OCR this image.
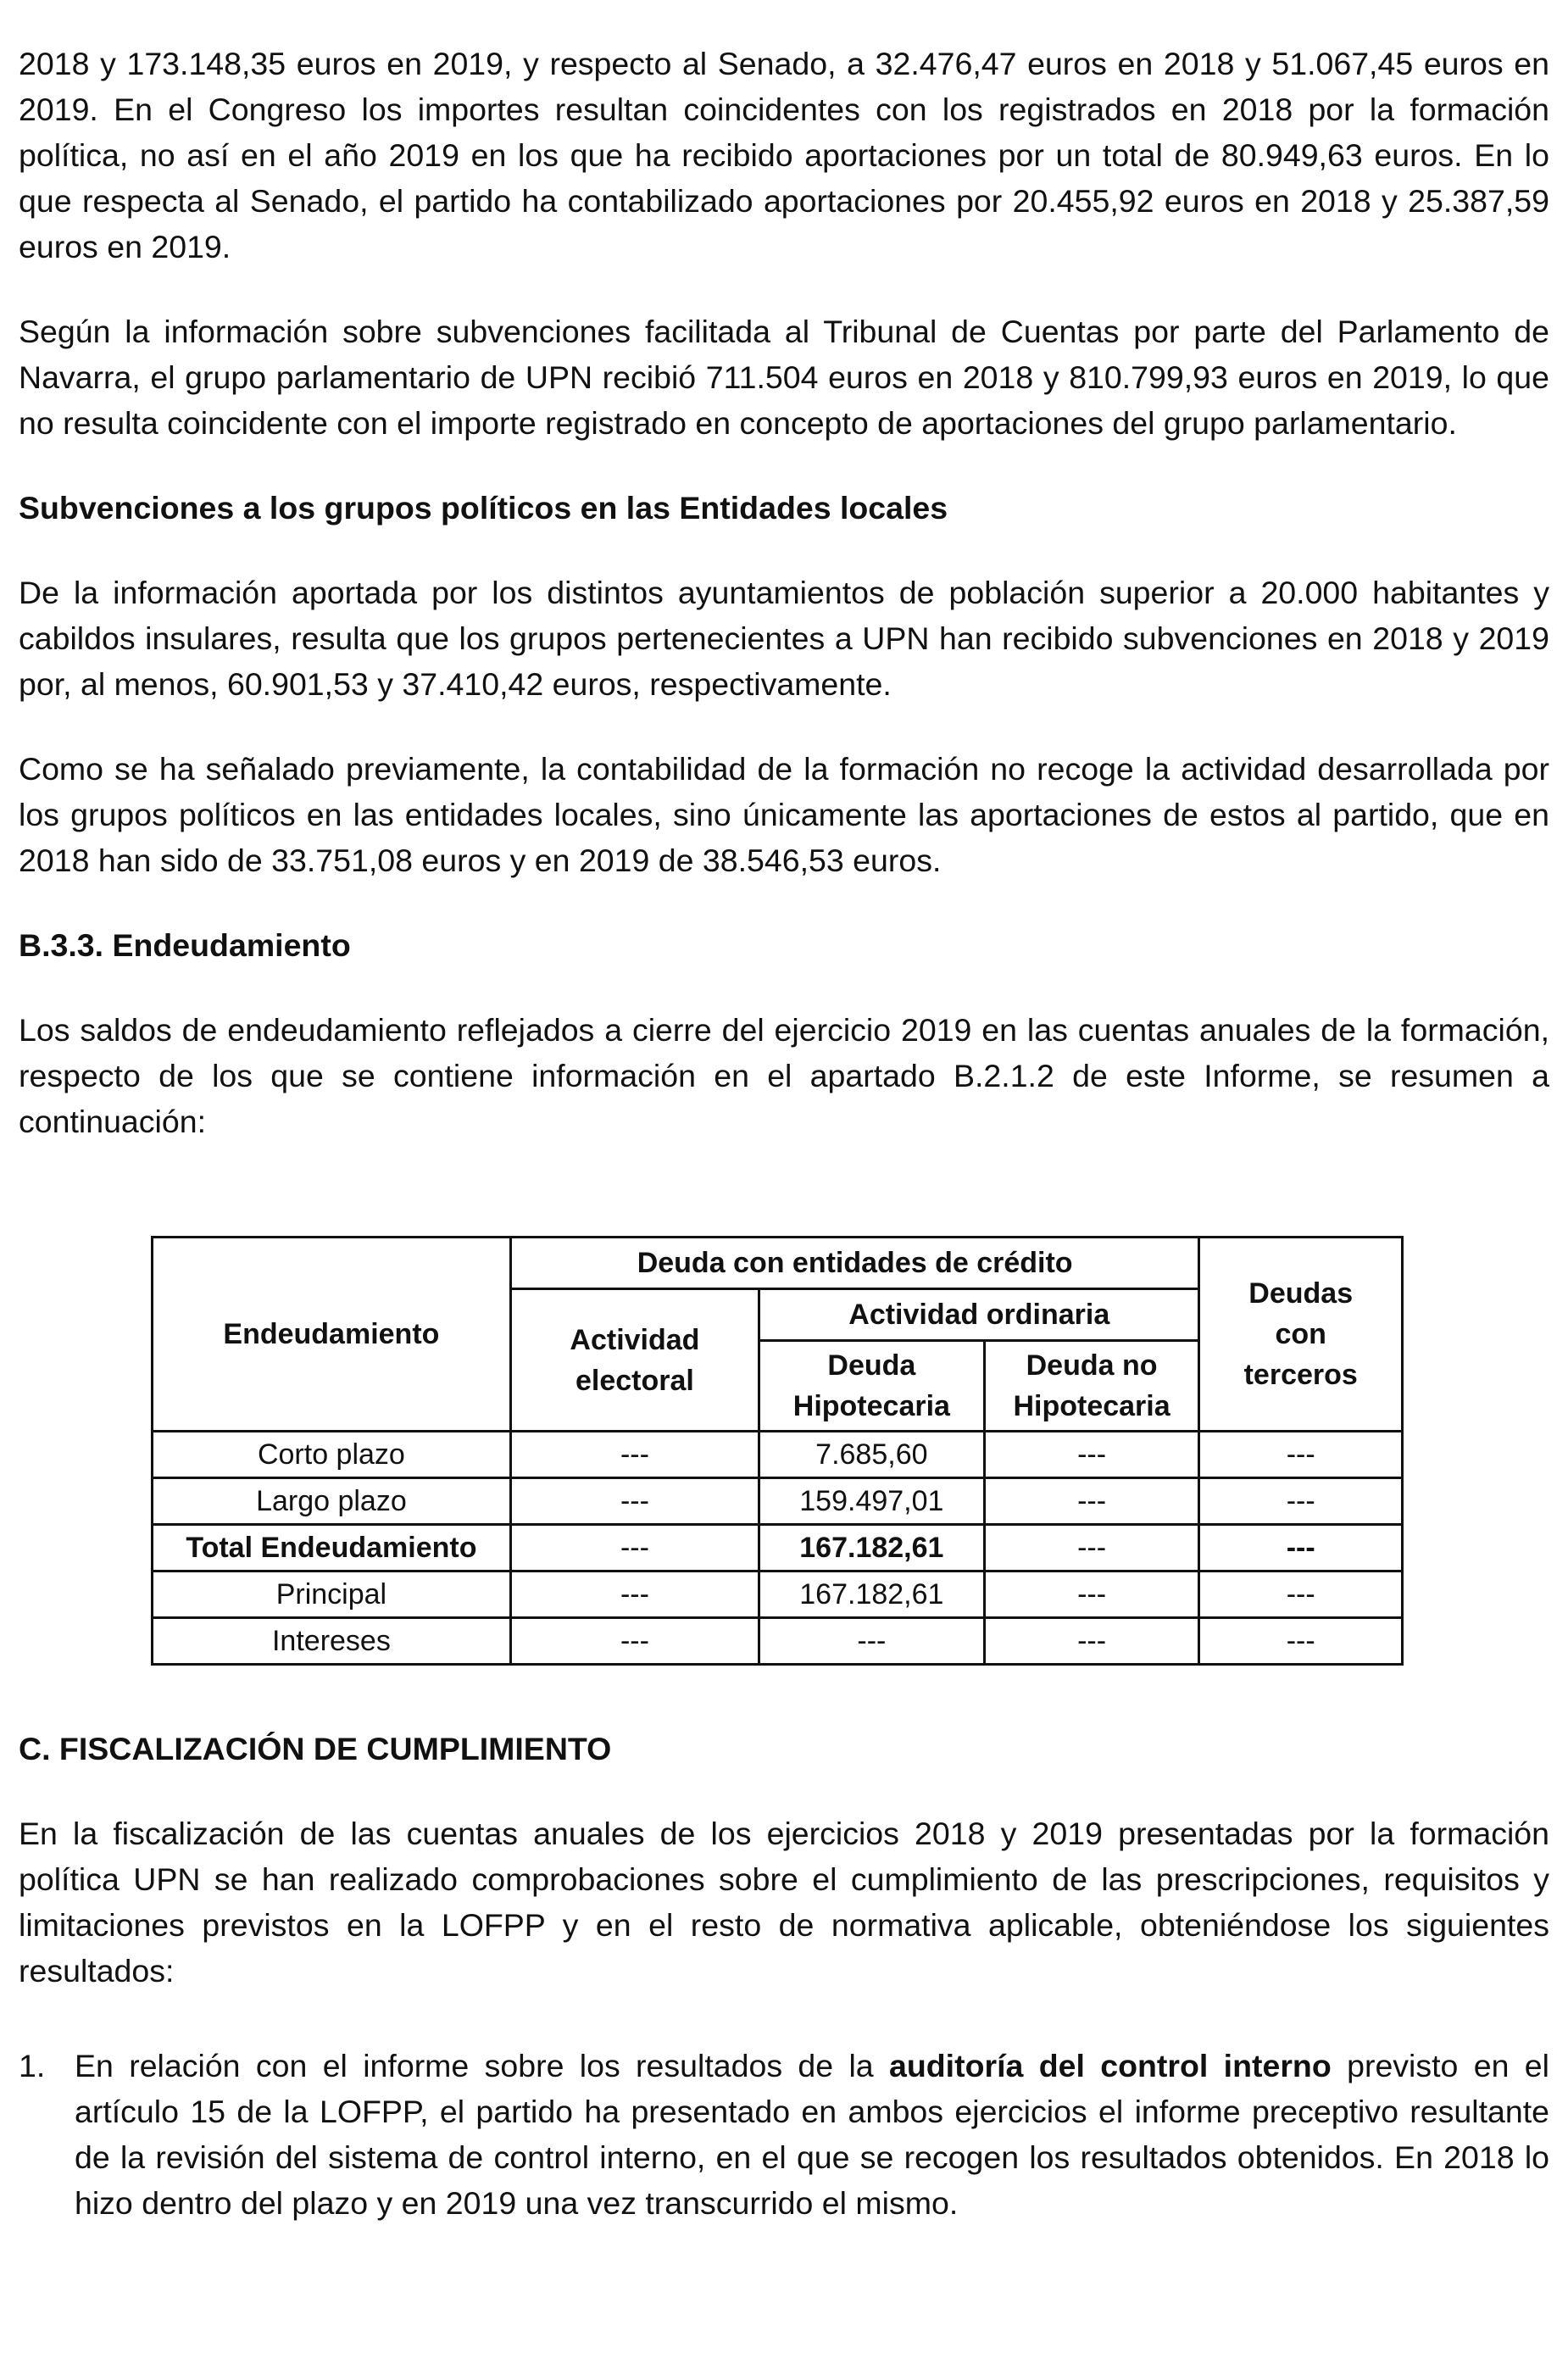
2018 y 173.148,35 euros en 2019, y respecto al Senado, a 32.476,47 euros en 2018 y 51.067,45 euros en 2019. En el Congreso los importes resultan coincidentes con los registrados en 2018 por la formación política, no así en el año 2019 en los que ha recibido aportaciones por un total de 80.949,63 euros. En lo que respecta al Senado, el partido ha contabilizado aportaciones por 20.455,92 euros en 2018 y 25.387,59 euros en 2019.

Según la información sobre subvenciones facilitada al Tribunal de Cuentas por parte del Parlamento de Navarra, el grupo parlamentario de UPN recibió 711.504 euros en 2018 y 810.799,93 euros en 2019, lo que no resulta coincidente con el importe registrado en concepto de aportaciones del grupo parlamentario.

Subvenciones a los grupos políticos en las Entidades locales

De la información aportada por los distintos ayuntamientos de población superior a 20.000 habitantes y cabildos insulares, resulta que los grupos pertenecientes a UPN han recibido subvenciones en 2018 y 2019 por, al menos, 60.901,53 y 37.410,42 euros, respectivamente.

Como se ha señalado previamente, la contabilidad de la formación no recoge la actividad desarrollada por los grupos políticos en las entidades locales, sino únicamente las aportaciones de estos al partido, que en 2018 han sido de 33.751,08 euros y en 2019 de 38.546,53 euros.

B.3.3. Endeudamiento

Los saldos de endeudamiento reflejados a cierre del ejercicio 2019 en las cuentas anuales de la formación, respecto de los que se contiene información en el apartado B.2.1.2 de este Informe, se resumen a continuación:

Endeudamiento	Deuda con entidades de crédito			Deudas con terceros

	Actividad electoral	Actividad ordinaria		

		Deuda Hipotecaria	Deuda no Hipotecaria	

Corto plazo	---	7.685,60	---	---
Largo plazo	---	159.497,01	---	---
Total Endeudamiento	---	167.182,61	---	---
Principal	---	167.182,61	---	---
Intereses	---	---	---	---

C. FISCALIZACIÓN DE CUMPLIMIENTO

En la fiscalización de las cuentas anuales de los ejercicios 2018 y 2019 presentadas por la formación política UPN se han realizado comprobaciones sobre el cumplimiento de las prescripciones, requisitos y limitaciones previstos en la LOFPP y en el resto de normativa aplicable, obteniéndose los siguientes resultados:

1. En relación con el informe sobre los resultados de la auditoría del control interno previsto en el artículo 15 de la LOFPP, el partido ha presentado en ambos ejercicios el informe preceptivo resultante de la revisión del sistema de control interno, en el que se recogen los resultados obtenidos. En 2018 lo hizo dentro del plazo y en 2019 una vez transcurrido el mismo.
